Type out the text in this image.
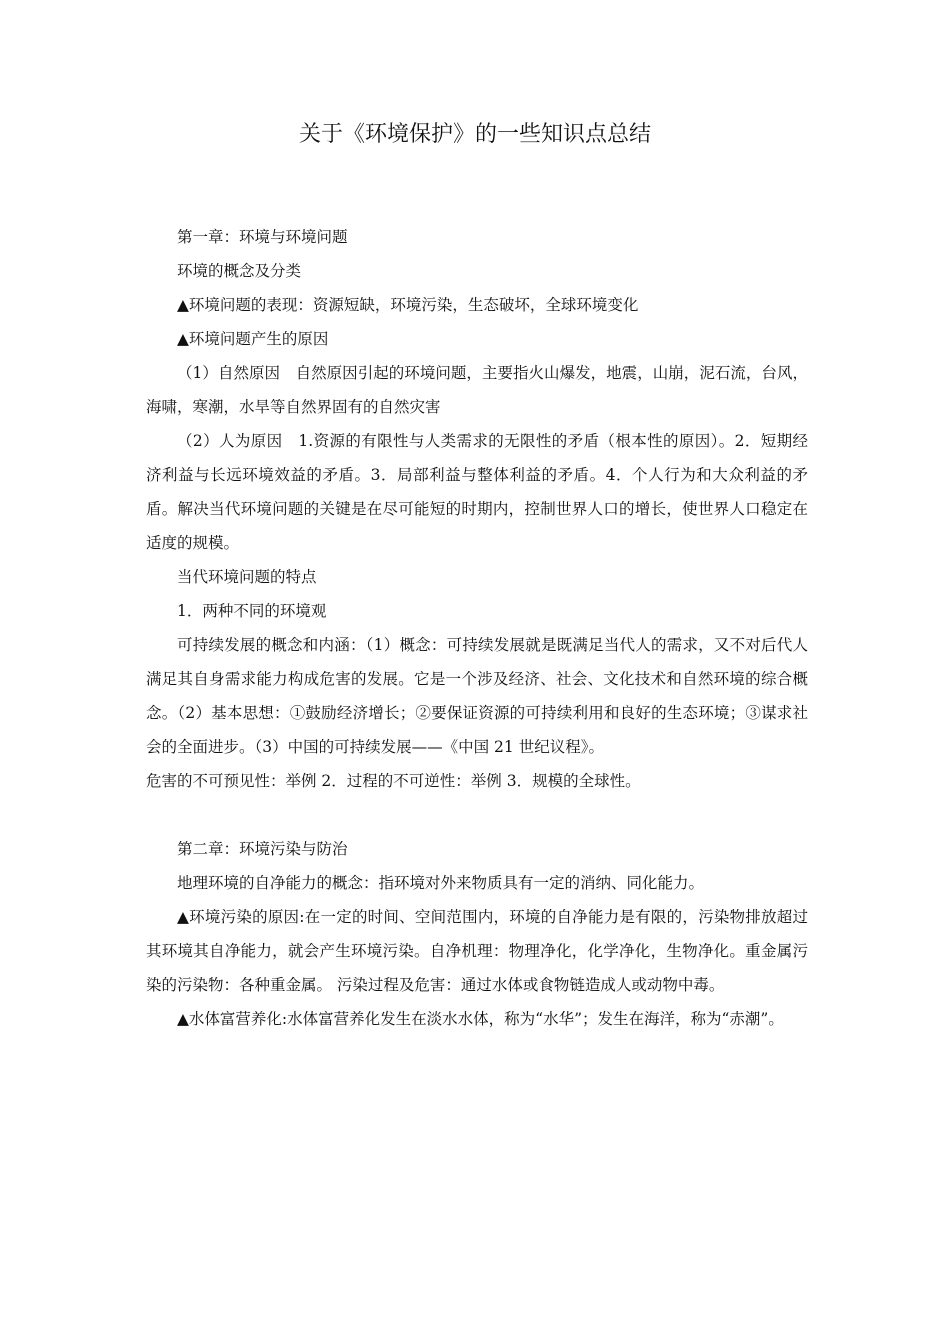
关于《环境保护》的一些知识点总结

第一章：环境与环境问题

环境的概念及分类

▲环境问题的表现：资源短缺，环境污染，生态破坏，全球环境变化

▲环境问题产生的原因

（1）自然原因　自然原因引起的环境问题，主要指火山爆发，地震，山崩，泥石流，台风，海啸，寒潮，水旱等自然界固有的自然灾害

（2）人为原因　1.资源的有限性与人类需求的无限性的矛盾（根本性的原因）。2．短期经济利益与长远环境效益的矛盾。3．局部利益与整体利益的矛盾。4．个人行为和大众利益的矛盾。解决当代环境问题的关键是在尽可能短的时期内，控制世界人口的增长，使世界人口稳定在适度的规模。

当代环境问题的特点

1．两种不同的环境观

可持续发展的概念和内涵：（1）概念：可持续发展就是既满足当代人的需求，又不对后代人满足其自身需求能力构成危害的发展。它是一个涉及经济、社会、文化技术和自然环境的综合概念。（2）基本思想：①鼓励经济增长；②要保证资源的可持续利用和良好的生态环境；③谋求社会的全面进步。（3）中国的可持续发展——《中国 21 世纪议程》。

危害的不可预见性：举例 2．过程的不可逆性：举例 3．规模的全球性。

第二章：环境污染与防治

地理环境的自净能力的概念：指环境对外来物质具有一定的消纳、同化能力。

▲环境污染的原因:在一定的时间、空间范围内，环境的自净能力是有限的，污染物排放超过其环境其自净能力，就会产生环境污染。自净机理：物理净化，化学净化，生物净化。重金属污染的污染物：各种重金属。 污染过程及危害：通过水体或食物链造成人或动物中毒。

▲水体富营养化:水体富营养化发生在淡水水体，称为“水华”；发生在海洋，称为“赤潮”。
